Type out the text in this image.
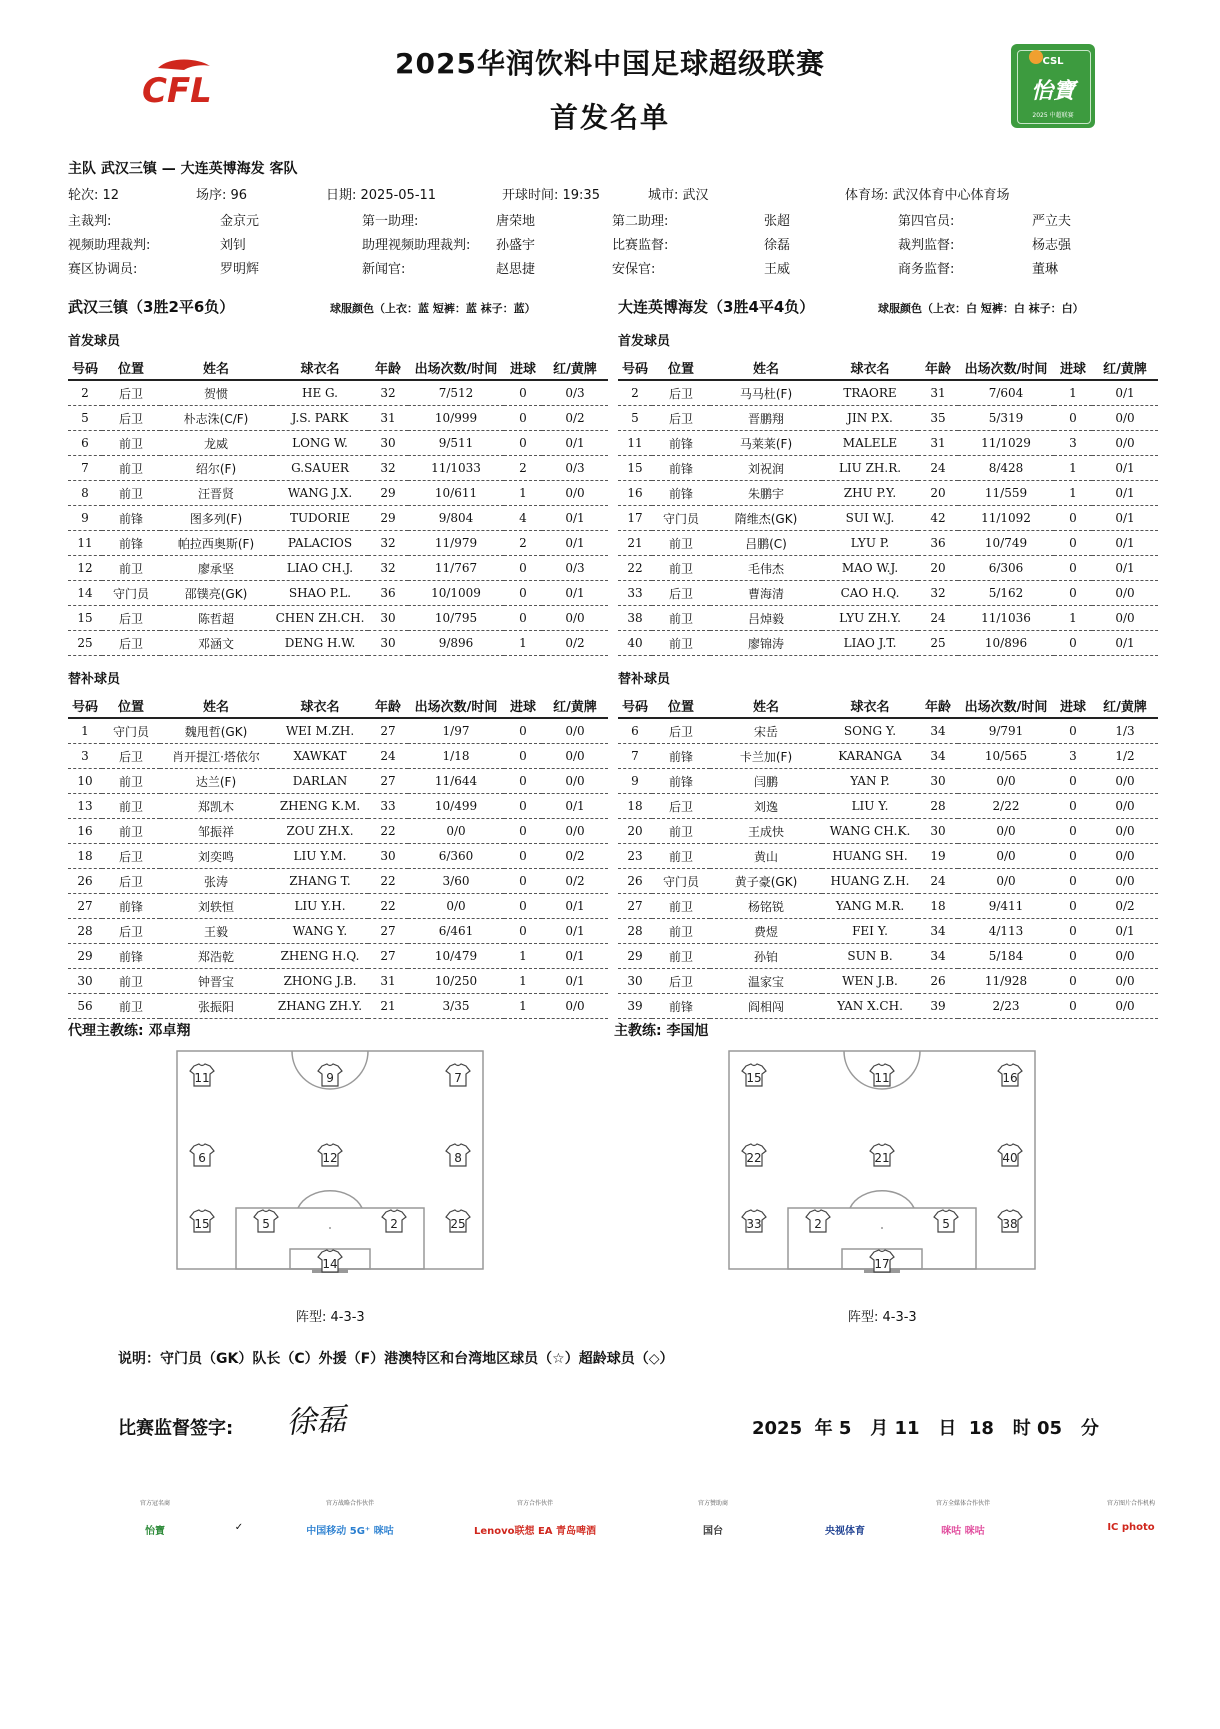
2025华润饮料中国足球超级联赛
首发名单
CFL
CSL
怡寶
2025 中超联赛
主队 武汉三镇 — 大连英博海发 客队
轮次: 12	场序: 96	日期: 2025-05-11	开球时间: 19:35	城市: 武汉	体育场: 武汉体育中心体育场
主裁判:	金京元	第一助理:	唐荣地	第二助理:	张超	第四官员:	严立夫
视频助理裁判:	刘钊	助理视频助理裁判: 孙盛宇	比赛监督:	徐磊	裁判监督:	杨志强
赛区协调员:	罗明辉	新闻官:	赵思捷	安保官:	王威	商务监督:	董琳
武汉三镇（3胜2平6负）	球服颜色（上衣：蓝 短裤：蓝 袜子：蓝）	大连英博海发（3胜4平4负）	球服颜色（上衣：白 短裤：白 袜子：白）
首发球员	首发球员
号码	位置	姓名	球衣名	年龄	出场次数/时间	进球	红/黄牌
2	后卫	贺惯	HE G.	32	7/512	0	0/3
5	后卫	朴志洙(C/F)	J.S. PARK	31	10/999	0	0/2
6	前卫	龙威	LONG W.	30	9/511	0	0/1
7	前卫	绍尔(F)	G.SAUER	32	11/1033	2	0/3
8	前卫	汪晋贤	WANG J.X.	29	10/611	1	0/0
9	前锋	图多列(F)	TUDORIE	29	9/804	4	0/1
11	前锋	帕拉西奥斯(F)	PALACIOS	32	11/979	2	0/1
12	前卫	廖承坚	LIAO CH.J.	32	11/767	0	0/3
14	守门员	邵镤亮(GK)	SHAO P.L.	36	10/1009	0	0/1
15	后卫	陈哲超	CHEN ZH.CH.	30	10/795	0	0/0
25	后卫	邓涵文	DENG H.W.	30	9/896	1	0/2
号码	位置	姓名	球衣名	年龄	出场次数/时间	进球	红/黄牌
2	后卫	马马杜(F)	TRAORE	31	7/604	1	0/1
5	后卫	晋鹏翔	JIN P.X.	35	5/319	0	0/0
11	前锋	马莱莱(F)	MALELE	31	11/1029	3	0/0
15	前锋	刘祝润	LIU ZH.R.	24	8/428	1	0/1
16	前锋	朱鹏宇	ZHU P.Y.	20	11/559	1	0/1
17	守门员	隋维杰(GK)	SUI W.J.	42	11/1092	0	0/1
21	前卫	吕鹏(C)	LYU P.	36	10/749	0	0/1
22	前卫	毛伟杰	MAO W.J.	20	6/306	0	0/1
33	后卫	曹海清	CAO H.Q.	32	5/162	0	0/0
38	前卫	吕焯毅	LYU ZH.Y.	24	11/1036	1	0/0
40	前卫	廖锦涛	LIAO J.T.	25	10/896	0	0/1
替补球员	替补球员
号码	位置	姓名	球衣名	年龄	出场次数/时间	进球	红/黄牌
1	守门员	魏甩哲(GK)	WEI M.ZH.	27	1/97	0	0/0
3	后卫	肖开提江·塔依尔	XAWKAT	24	1/18	0	0/0
10	前卫	达兰(F)	DARLAN	27	11/644	0	0/0
13	前卫	郑凯木	ZHENG K.M.	33	10/499	0	0/1
16	前卫	邹振祥	ZOU ZH.X.	22	0/0	0	0/0
18	后卫	刘奕鸣	LIU Y.M.	30	6/360	0	0/2
26	后卫	张涛	ZHANG T.	22	3/60	0	0/2
27	前锋	刘轶恒	LIU Y.H.	22	0/0	0	0/1
28	后卫	王毅	WANG Y.	27	6/461	0	0/1
29	前锋	郑浩乾	ZHENG H.Q.	27	10/479	1	0/1
30	前卫	钟晋宝	ZHONG J.B.	31	10/250	1	0/1
56	前卫	张振阳	ZHANG ZH.Y.	21	3/35	1	0/0
号码	位置	姓名	球衣名	年龄	出场次数/时间	进球	红/黄牌
6	后卫	宋岳	SONG Y.	34	9/791	0	1/3
7	前锋	卡兰加(F)	KARANGA	34	10/565	3	1/2
9	前锋	闫鹏	YAN P.	30	0/0	0	0/0
18	后卫	刘逸	LIU Y.	28	2/22	0	0/0
20	前卫	王成快	WANG CH.K.	30	0/0	0	0/0
23	前卫	黄山	HUANG SH.	19	0/0	0	0/0
26	守门员	黄子豪(GK)	HUANG Z.H.	24	0/0	0	0/0
27	前卫	杨铭锐	YANG M.R.	18	9/411	0	0/2
28	前卫	费煜	FEI Y.	34	4/113	0	0/1
29	前卫	孙铂	SUN B.	34	5/184	0	0/0
30	后卫	温家宝	WEN J.B.	26	11/928	0	0/0
39	前锋	阎相闯	YAN X.CH.	39	2/23	0	0/0
代理主教练: 邓卓翔	主教练: 李国旭
11	9	7
6	12	8
15	5	2	25
14
15	11	16
22	21	40
33	2	5	38
17
阵型: 4-3-3	阵型: 4-3-3
说明：守门员（GK）队长（C）外援（F）港澳特区和台湾地区球员（☆）超龄球员（◇）
比赛监督签字: 徐磊	2025  年 5   月 11   日  18   时 05   分
官方冠名商
怡寶	✓
官方战略合作伙伴
中国移动 5G⁺ 咪咕
官方合作伙伴
Lenovo联想 EA 青岛啤酒
官方赞助商
国台	央视体育
官方全媒体合作伙伴
咪咕 咪咕
官方图片合作机构
IC photo
